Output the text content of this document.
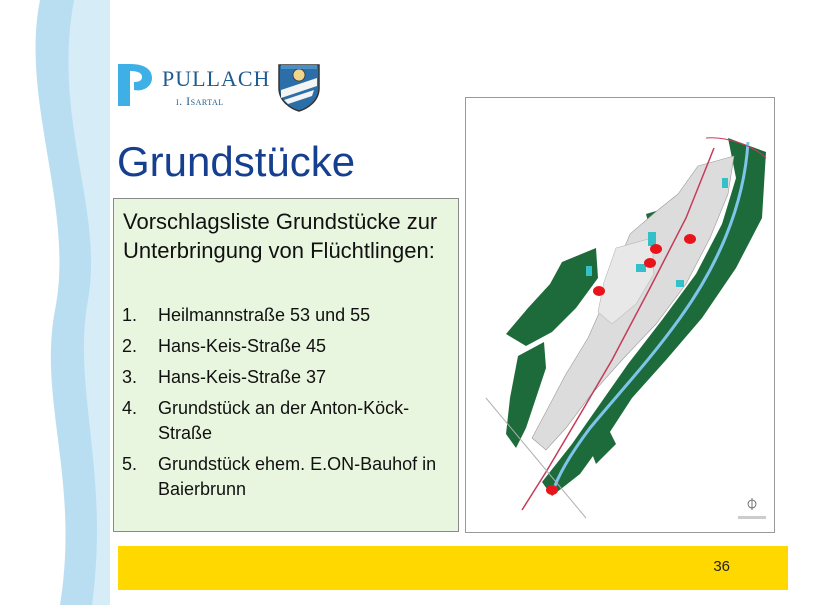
PULLACH
i. Isartal
Grundstücke
Vorschlagsliste Grundstücke zur Unterbringung von Flüchtlingen:
1.	Heilmannstraße 53 und 55
2.	Hans-Keis-Straße 45
3.	Hans-Keis-Straße 37
4.	Grundstück an der Anton-Köck-Straße
5.	Grundstück ehem. E.ON-Bauhof in Baierbrunn
36
